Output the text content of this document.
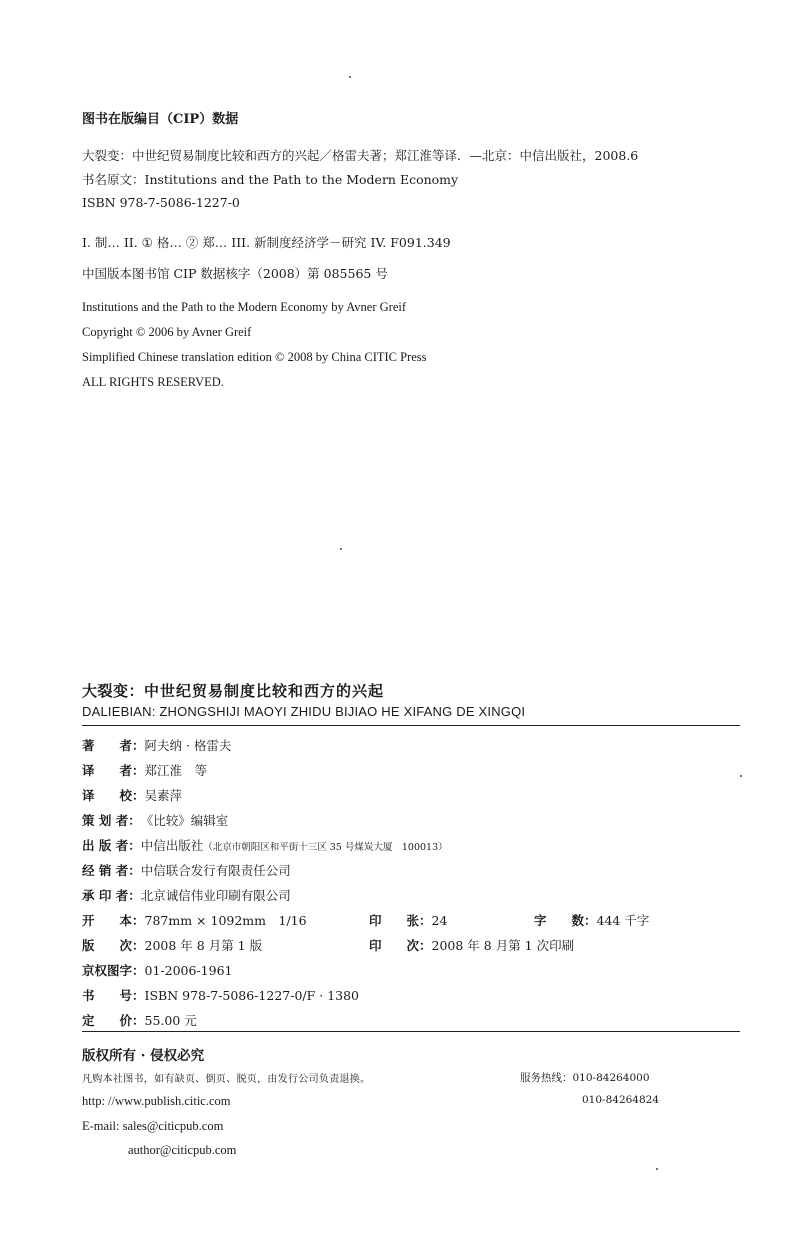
图书在版编目（CIP）数据
大裂变：中世纪贸易制度比较和西方的兴起／格雷夫著；郑江淮等译．—北京：中信出版社，2008.6
书名原文：Institutions and the Path to the Modern Economy
ISBN 978-7-5086-1227-0
I. 制… II. ① 格… ② 郑… III. 新制度经济学－研究 IV. F091.349
中国版本图书馆 CIP 数据核字（2008）第 085565 号
Institutions and the Path to the Modern Economy by Avner Greif
Copyright © 2006 by Avner Greif
Simplified Chinese translation edition © 2008 by China CITIC Press
ALL RIGHTS RESERVED.
大裂变：中世纪贸易制度比较和西方的兴起
DALIEBIAN: ZHONGSHIJI MAOYI ZHIDU BIJIAO HE XIFANG DE XINGQI
著　　者：阿夫纳 · 格雷夫
译　　者：郑江淮　等
译　　校：吴素萍
策 划 者：《比较》编辑室
出 版 者：中信出版社（北京市朝阳区和平街十三区 35 号煤炭大厦　100013）
经 销 者：中信联合发行有限责任公司
承 印 者：北京诚信伟业印刷有限公司
开　　本：787mm × 1092mm　1/16	印　　张：24	字　　数：444 千字
版　　次：2008 年 8 月第 1 版	印　　次：2008 年 8 月第 1 次印刷
京权图字：01-2006-1961
书　　号：ISBN 978-7-5086-1227-0/F · 1380
定　　价：55.00 元
版权所有 · 侵权必究
凡购本社图书，如有缺页、倒页、脱页，由发行公司负责退换。	服务热线：010-84264000
010-84264824
http: //www.publish.citic.com
E-mail: sales@citicpub.com
author@citicpub.com
